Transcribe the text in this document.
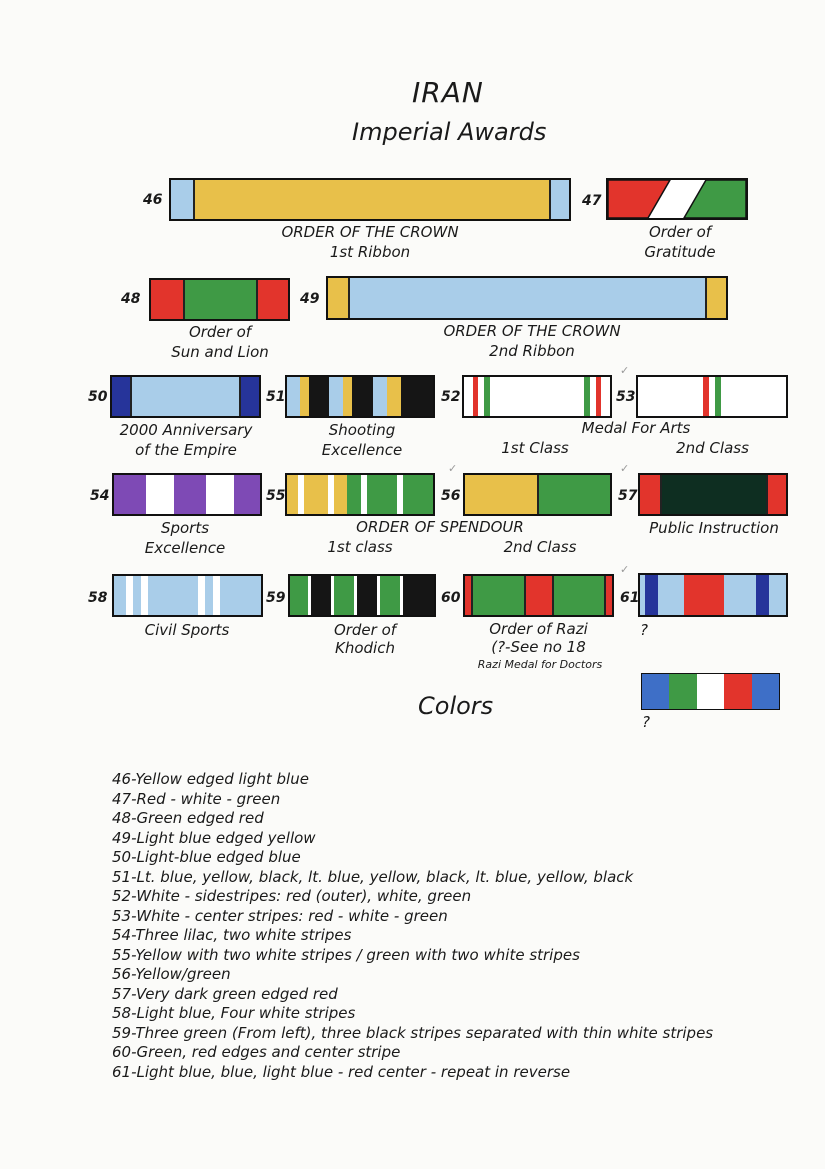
IRAN
Imperial Awards
46
ORDER OF THE CROWN
1st Ribbon
47
Order of
Gratitude
48
Order of
Sun and Lion
49
ORDER OF THE CROWN
2nd Ribbon
50
2000 Anniversary
of the Empire
51
Shooting
Excellence
52
1st Class
53
2nd Class
Medal For Arts
✓
54
Sports
Excellence
55
1st class
56
2nd Class
ORDER OF SPENDOUR
57
Public Instruction
✓
✓
58
Civil Sports
59
Order of
Khodich
60
Order of Razi
(?-See no 18
Razi Medal for Doctors
61
?
✓
?
Colors
46-Yellow edged light blue
47-Red - white - green
48-Green edged red
49-Light blue edged yellow
50-Light-blue edged blue
51-Lt. blue, yellow, black, lt. blue, yellow, black, lt. blue, yellow, black
52-White - sidestripes: red (outer), white, green
53-White - center stripes: red - white - green
54-Three lilac, two white stripes
55-Yellow with two white stripes / green with two white stripes
56-Yellow/green
57-Very dark green edged red
58-Light blue, Four white stripes
59-Three green (From left), three black stripes separated with thin white stripes
60-Green, red edges and center stripe
61-Light blue, blue, light blue - red center - repeat in reverse
